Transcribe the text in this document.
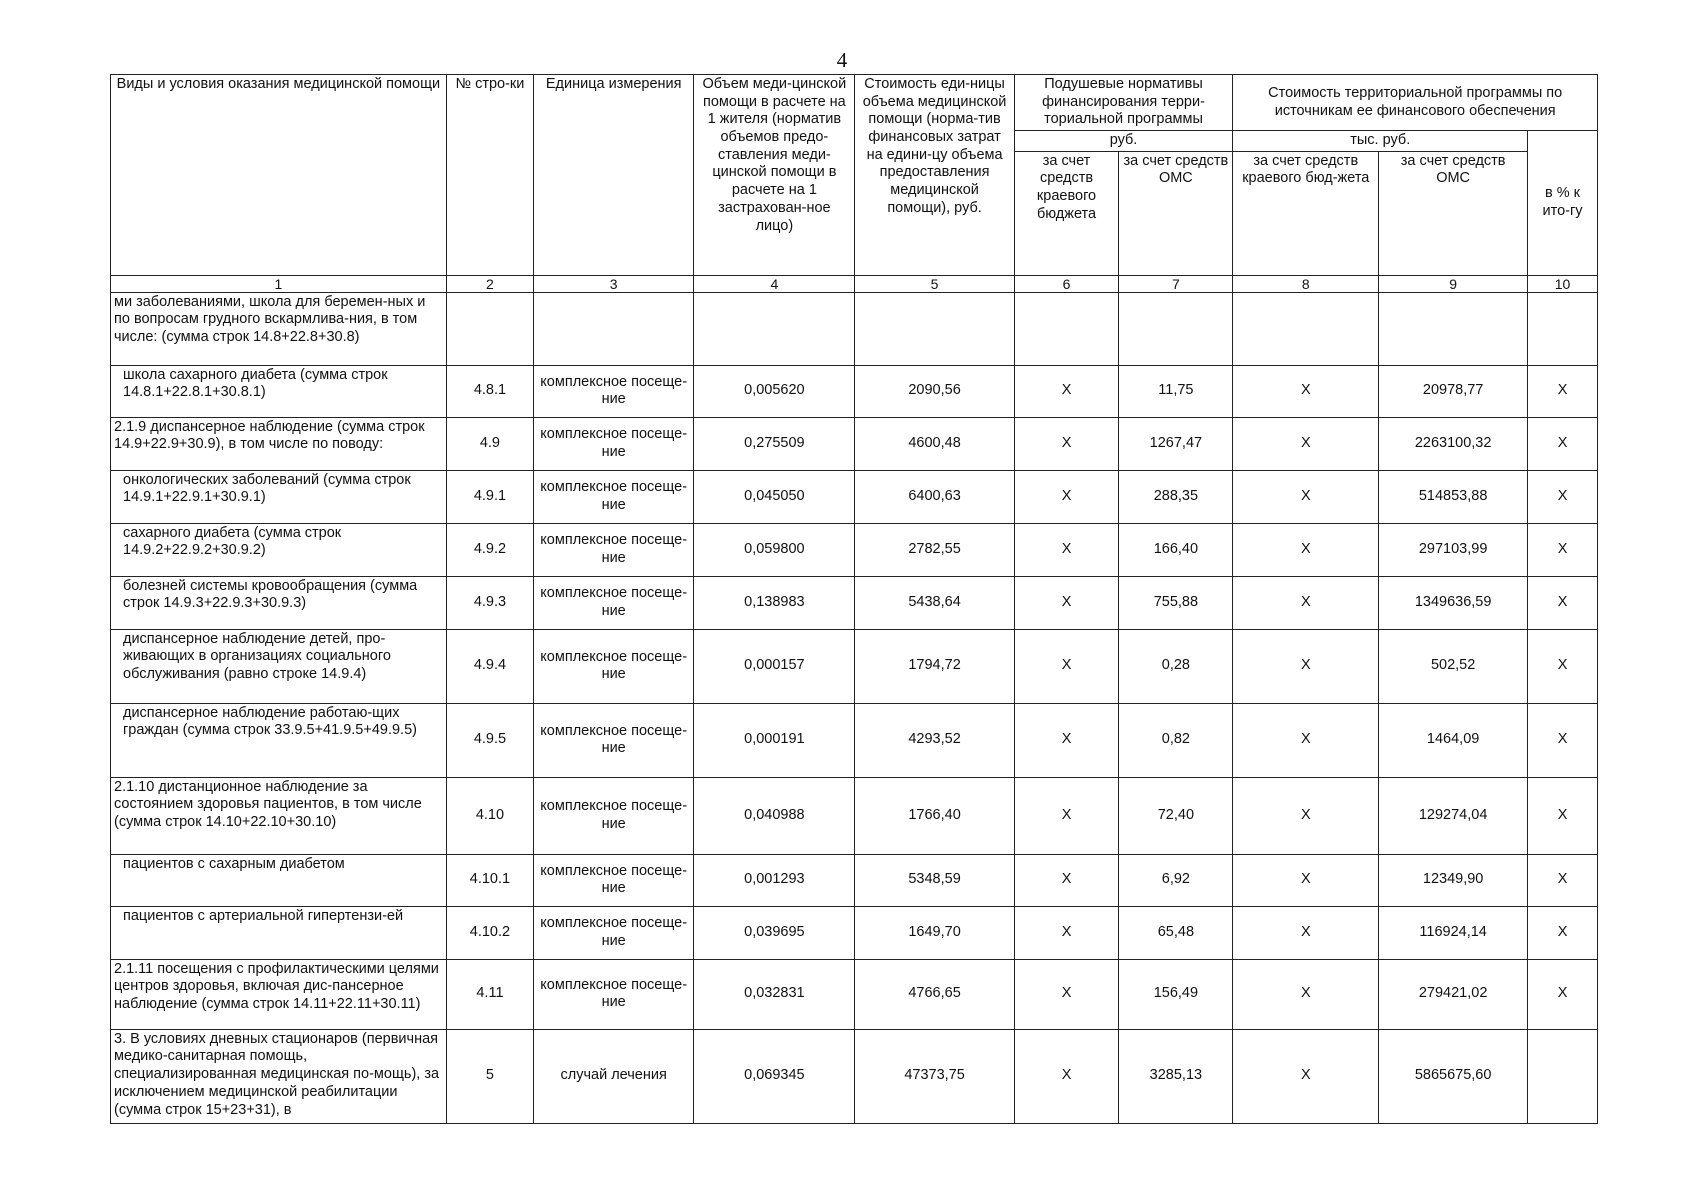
4
Виды и условия оказания медицинской помощи	№ стро-ки	Единица измерения	Объем меди-цинской помощи в расчете на 1 жителя (норматив объемов предо-ставления меди-цинской помощи в расчете на 1 застрахован-ное лицо)	Стоимость еди-ницы объема медицинской помощи (норма-тив финансовых затрат на едини-цу объема предоставления медицинской помощи), руб.	Подушевые нормативы финансирования терри-ториальной программы		Стоимость территориальной программы по источникам ее финансового обеспечения		
					руб.		тыс. руб.		в % к ито-гу
					за счет средств краевого бюджета	за счет средств ОМС	за счет средств краевого бюд-жета	за счет средств ОМС	
1	2	3	4	5	6	7	8	9	10

ми заболеваниями, школа для беремен-ных и по вопросам грудного вскармлива-ния, в том числе: (сумма строк 14.8+22.8+30.8)									

школа сахарного диабета (сумма строк 14.8.1+22.8.1+30.8.1)	4.8.1	комплексное посеще-ние	0,005620	2090,56	X	11,75	X	20978,77	X

2.1.9 диспансерное наблюдение (сумма строк 14.9+22.9+30.9), в том числе по поводу:	4.9	комплексное посеще-ние	0,275509	4600,48	X	1267,47	X	2263100,32	X

онкологических заболеваний (сумма строк 14.9.1+22.9.1+30.9.1)	4.9.1	комплексное посеще-ние	0,045050	6400,63	X	288,35	X	514853,88	X

сахарного диабета (сумма строк 14.9.2+22.9.2+30.9.2)	4.9.2	комплексное посеще-ние	0,059800	2782,55	X	166,40	X	297103,99	X

болезней системы кровообращения (сумма строк 14.9.3+22.9.3+30.9.3)	4.9.3	комплексное посеще-ние	0,138983	5438,64	X	755,88	X	1349636,59	X

диспансерное наблюдение детей, про-живающих в организациях социального обслуживания (равно строке 14.9.4)	4.9.4	комплексное посеще-ние	0,000157	1794,72	X	0,28	X	502,52	X

диспансерное наблюдение работаю-щих граждан (сумма строк 33.9.5+41.9.5+49.9.5)	4.9.5	комплексное посеще-ние	0,000191	4293,52	X	0,82	X	1464,09	X

2.1.10 дистанционное наблюдение за состоянием здоровья пациентов, в том числе (сумма строк 14.10+22.10+30.10)	4.10	комплексное посеще-ние	0,040988	1766,40	X	72,40	X	129274,04	X

пациентов с сахарным диабетом	4.10.1	комплексное посеще-ние	0,001293	5348,59	X	6,92	X	12349,90	X

пациентов с артериальной гипертензи-ей	4.10.2	комплексное посеще-ние	0,039695	1649,70	X	65,48	X	116924,14	X

2.1.11 посещения с профилактическими целями центров здоровья, включая дис-пансерное наблюдение (сумма строк 14.11+22.11+30.11)	4.11	комплексное посеще-ние	0,032831	4766,65	X	156,49	X	279421,02	X

3. В условиях дневных стационаров (первичная медико-санитарная помощь, специализированная медицинская по-мощь), за исключением медицинской реабилитации (сумма строк 15+23+31), в	5	случай лечения	0,069345	47373,75	X	3285,13	X	5865675,60	
